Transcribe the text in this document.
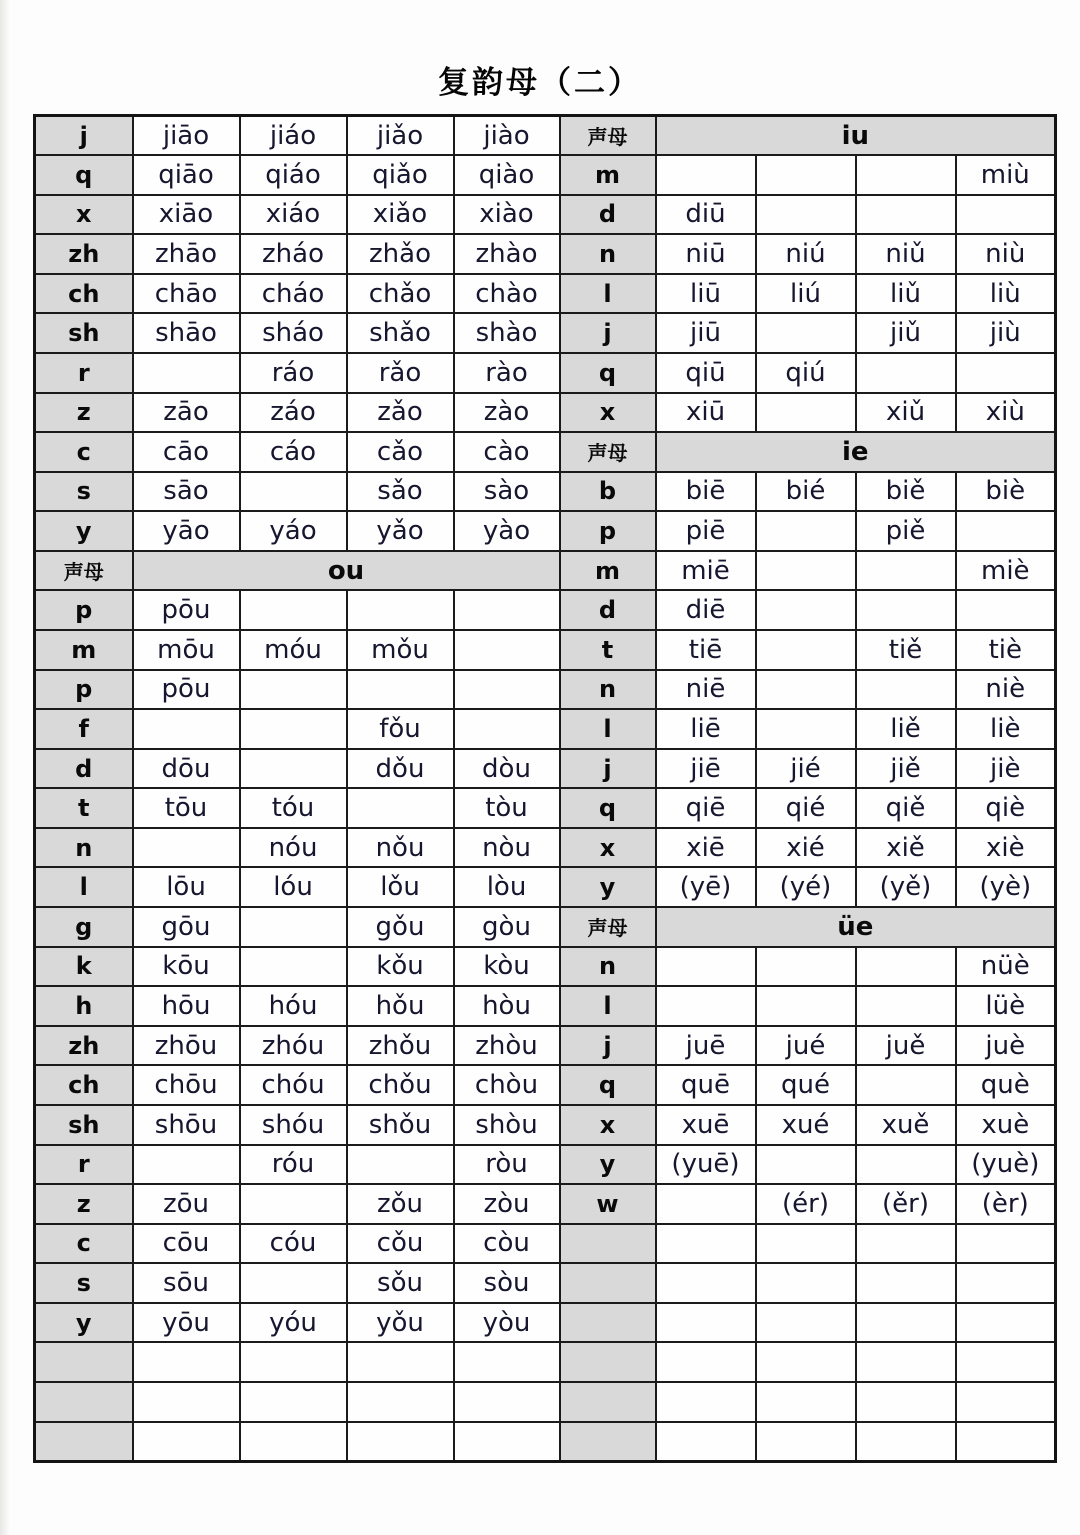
复韵母（二）
j	jiāo	jiáo	jiǎo	jiào	声母	iu			
q	qiāo	qiáo	qiǎo	qiào	m				miù
x	xiāo	xiáo	xiǎo	xiào	d	diū			
zh	zhāo	zháo	zhǎo	zhào	n	niū	niú	niǔ	niù
ch	chāo	cháo	chǎo	chào	l	liū	liú	liǔ	liù
sh	shāo	sháo	shǎo	shào	j	jiū		jiǔ	jiù
r		ráo	rǎo	rào	q	qiū	qiú		
z	zāo	záo	zǎo	zào	x	xiū		xiǔ	xiù
c	cāo	cáo	cǎo	cào	声母	ie			
s	sāo		sǎo	sào	b	biē	bié	biě	biè
y	yāo	yáo	yǎo	yào	p	piē		piě	
声母	ou				m	miē			miè
p	pōu				d	diē			
m	mōu	móu	mǒu		t	tiē		tiě	tiè
p	pōu				n	niē			niè
f			fǒu		l	liē		liě	liè
d	dōu		dǒu	dòu	j	jiē	jié	jiě	jiè
t	tōu	tóu		tòu	q	qiē	qié	qiě	qiè
n		nóu	nǒu	nòu	x	xiē	xié	xiě	xiè
l	lōu	lóu	lǒu	lòu	y	(yē)	(yé)	(yě)	(yè)
g	gōu		gǒu	gòu	声母	üe			
k	kōu		kǒu	kòu	n				nüè
h	hōu	hóu	hǒu	hòu	l				lüè
zh	zhōu	zhóu	zhǒu	zhòu	j	juē	jué	juě	juè
ch	chōu	chóu	chǒu	chòu	q	quē	qué		què
sh	shōu	shóu	shǒu	shòu	x	xuē	xué	xuě	xuè
r		róu		ròu	y	(yuē)			(yuè)
z	zōu		zǒu	zòu	w		(ér)	(ěr)	(èr)
c	cōu	cóu	cǒu	còu					
s	sōu		sǒu	sòu					
y	yōu	yóu	yǒu	yòu					
